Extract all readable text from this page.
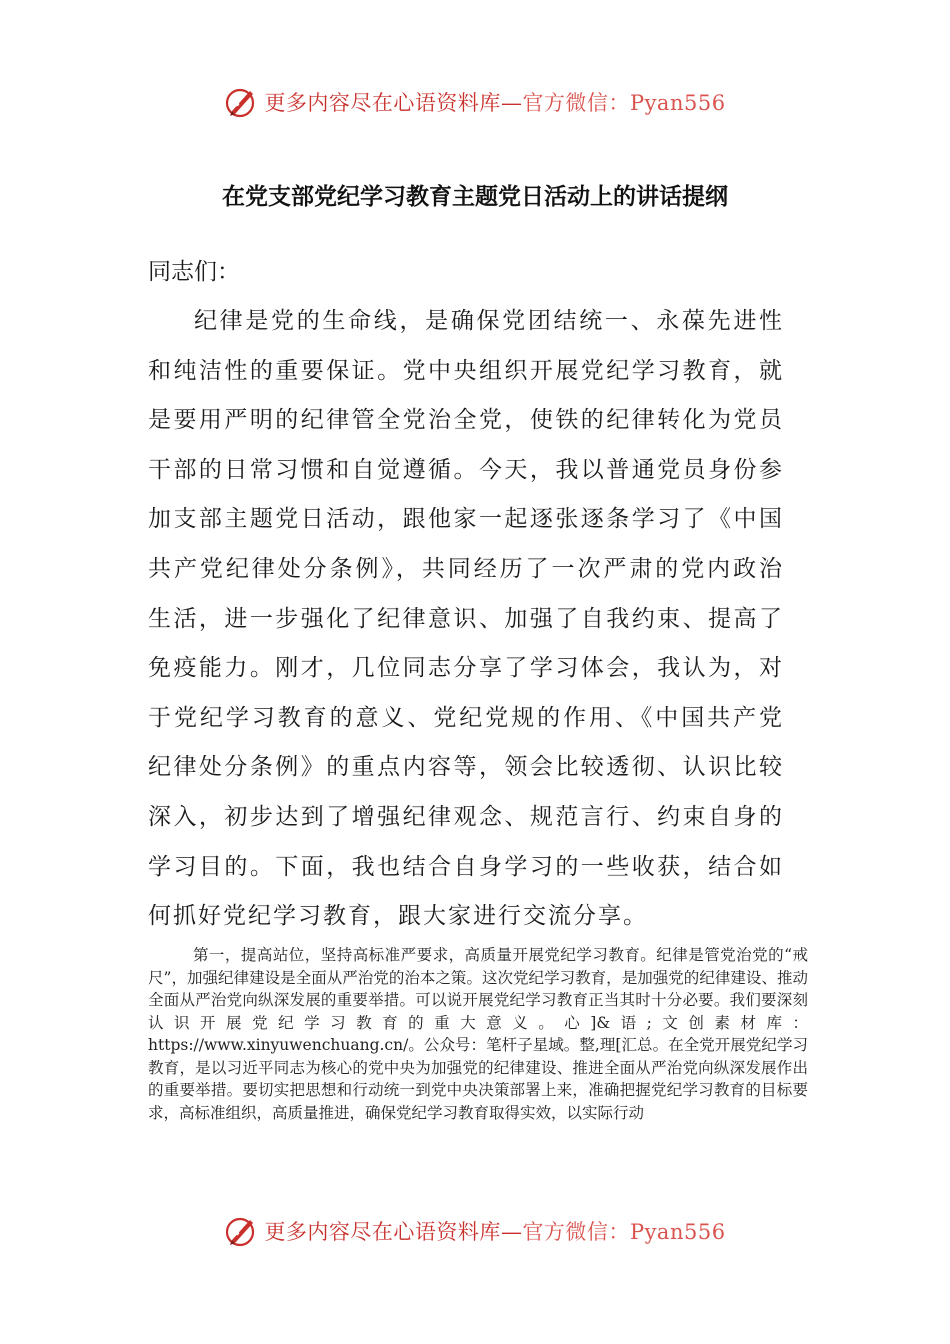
更多内容尽在心语资料库—官方微信：Pyan556
在党支部党纪学习教育主题党日活动上的讲话提纲
同志们：

纪律是党的生命线，是确保党团结统一、永葆先进性和纯洁性的重要保证。党中央组织开展党纪学习教育，就是要用严明的纪律管全党治全党，使铁的纪律转化为党员干部的日常习惯和自觉遵循。今天，我以普通党员身份参加支部主题党日活动，跟他家一起逐张逐条学习了《中国共产党纪律处分条例》，共同经历了一次严肃的党内政治生活，进一步强化了纪律意识、加强了自我约束、提高了免疫能力。刚才，几位同志分享了学习体会，我认为，对于党纪学习教育的意义、党纪党规的作用、《中国共产党纪律处分条例》的重点内容等，领会比较透彻、认识比较深入，初步达到了增强纪律观念、规范言行、约束自身的学习目的。下面，我也结合自身学习的一些收获，结合如何抓好党纪学习教育，跟大家进行交流分享。

第一，提高站位，坚持高标准严要求，高质量开展党纪学习教育。纪律是管党治党的“戒尺”，加强纪律建设是全面从严治党的治本之策。这次党纪学习教育，是加强党的纪律建设、推动全面从严治党向纵深发展的重要举措。可以说开展党纪学习教育正当其时十分必要。我们要深刻认识开展党纪学习教育的重大意义。心]&语;文创素材库：https://www.xinyuwenchuang.cn/。公众号：笔杆子星域。整,理[汇总。在全党开展党纪学习教育，是以习近平同志为核心的党中央为加强党的纪律建设、推进全面从严治党向纵深发展作出的重要举措。要切实把思想和行动统一到党中央决策部署上来，准确把握党纪学习教育的目标要求，高标准组织，高质量推进，确保党纪学习教育取得实效，以实际行动

更多内容尽在心语资料库—官方微信：Pyan556
